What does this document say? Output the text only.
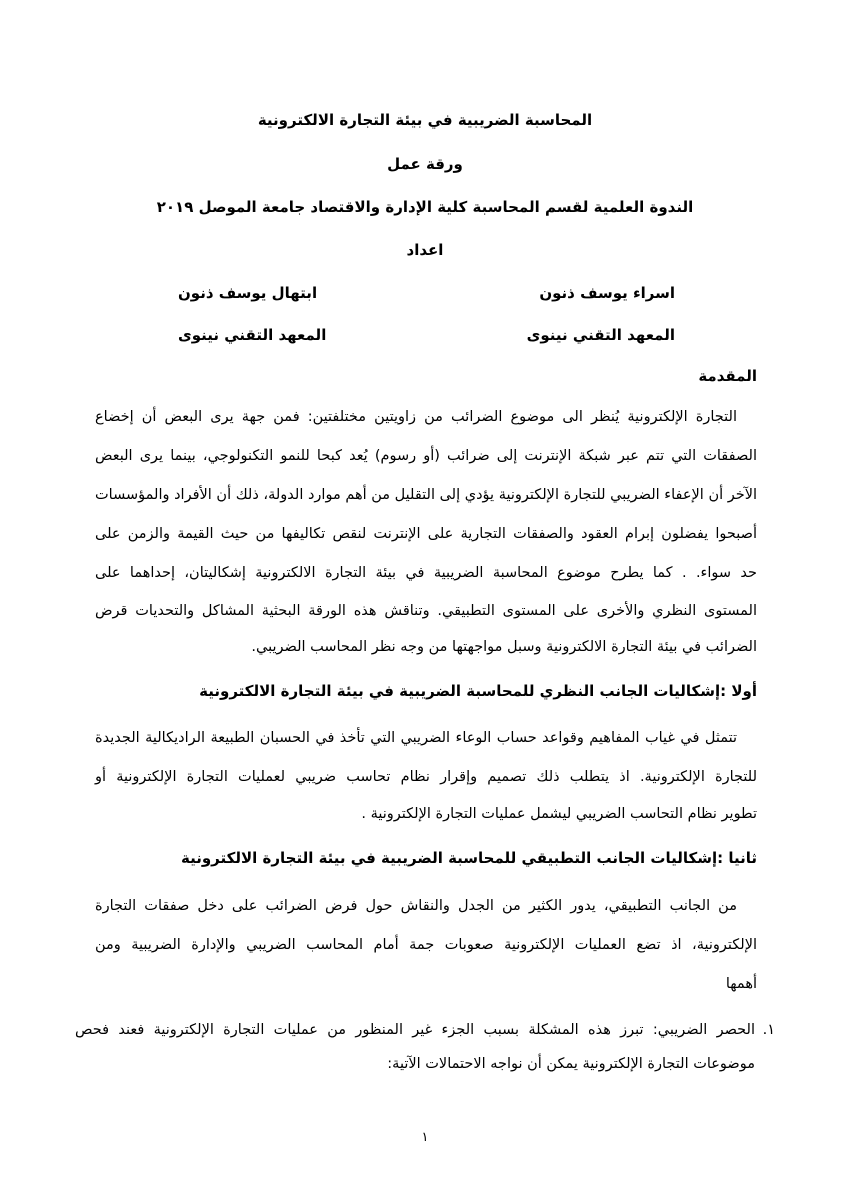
المحاسبة الضريبية في بيئة التجارة الالكترونية
ورقة عمل
الندوة العلمية لقسم المحاسبة كلية الإدارة والاقتصاد جامعة الموصل ٢٠١٩
اعداد
اسراء يوسف ذنون
ابتهال يوسف ذنون
المعهد التقني نينوى
المعهد التقني نينوى
المقدمة
التجارة الإلكترونية يُنظر الى موضوع الضرائب من زاويتين مختلفتين: فمن جهة يرى البعض أن إخضاع
الصفقات التي تتم عبر شبكة الإنترنت إلى ضرائب (أو رسوم) يُعد كبحا للنمو التكنولوجي، بينما يرى البعض
الآخر أن الإعفاء الضريبي للتجارة الإلكترونية يؤدي إلى التقليل من أهم موارد الدولة، ذلك أن الأفراد والمؤسسات
أصبحوا يفضلون إبرام العقود والصفقات التجارية على الإنترنت لنقص تكاليفها من حيث القيمة والزمن على
حد سواء. . كما يطرح موضوع المحاسبة الضريبية في بيئة التجارة الالكترونية إشكاليتان، إحداهما على
المستوى النظري والأخرى على المستوى التطبيقي. وتناقش هذه الورقة البحثية المشاكل والتحديات قرض
الضرائب في بيئة التجارة الالكترونية وسبل مواجهتها من وجه نظر المحاسب الضريبي.
أولا :إشكاليات الجانب النظري للمحاسبة الضريبية في بيئة التجارة الالكترونية
تتمثل في غياب المفاهيم وقواعد حساب الوعاء الضريبي التي تأخذ في الحسبان الطبيعة الراديكالية الجديدة
للتجارة الإلكترونية. اذ يتطلب ذلك تصميم وإقرار نظام تحاسب ضريبي لعمليات التجارة الإلكترونية أو
تطوير نظام التحاسب الضريبي ليشمل عمليات التجارة الإلكترونية .
ثانيا :إشكاليات الجانب التطبيقي للمحاسبة الضريبية في بيئة التجارة الالكترونية
من الجانب التطبيقي، يدور الكثير من الجدل والنقاش حول فرض الضرائب على دخل صفقات التجارة
الإلكترونية، اذ تضع العمليات الإلكترونية صعوبات جمة أمام المحاسب الضريبي والإدارة الضريبية ومن
أهمها
١.
الحصر الضريبي: تبرز هذه المشكلة بسبب الجزء غير المنظور من عمليات التجارة الإلكترونية فعند فحص
موضوعات التجارة الإلكترونية يمكن أن نواجه الاحتمالات الآتية:
١
